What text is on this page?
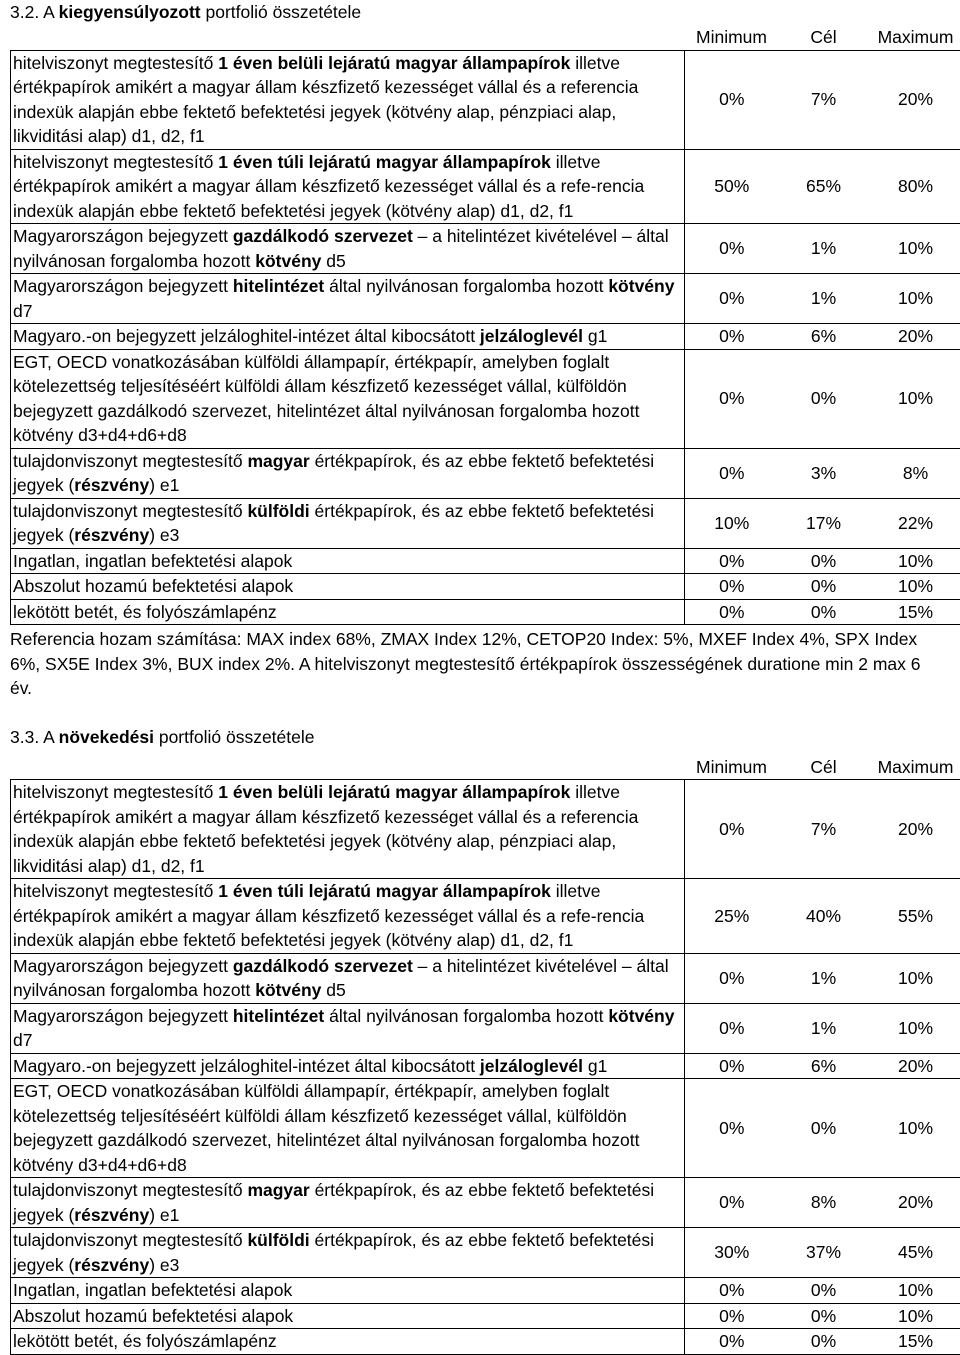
3.2. A kiegyensúlyozott portfolió összetétele

	Minimum	Cél	Maximum
hitelviszonyt megtestesítő 1 éven belüli lejáratú magyar állampapírok illetve értékpapírok amikért a magyar állam készfizető kezességet vállal és a referencia indexük alapján ebbe fektető befektetési jegyek (kötvény alap, pénzpiaci alap, likviditási alap) d1, d2, f1	0%	7%	20%
hitelviszonyt megtestesítő 1 éven túli lejáratú magyar állampapírok illetve értékpapírok amikért a magyar állam készfizető kezességet vállal és a refe-rencia indexük alapján ebbe fektető befektetési jegyek (kötvény alap) d1, d2, f1	50%	65%	80%
Magyarországon bejegyzett gazdálkodó szervezet – a hitelintézet kivételével – által nyilvánosan forgalomba hozott kötvény d5	0%	1%	10%
Magyarországon bejegyzett hitelintézet által nyilvánosan forgalomba hozott kötvény d7	0%	1%	10%
Magyaro.-on bejegyzett jelzáloghitel-intézet által kibocsátott jelzáloglevél g1	0%	6%	20%
EGT, OECD vonatkozásában külföldi állampapír, értékpapír, amelyben foglalt kötelezettség teljesítéséért külföldi állam készfizető kezességet vállal, külföldön bejegyzett gazdálkodó szervezet, hitelintézet által nyilvánosan forgalomba hozott kötvény d3+d4+d6+d8	0%	0%	10%
tulajdonviszonyt megtestesítő magyar értékpapírok, és az ebbe fektető befektetési jegyek (részvény) e1	0%	3%	8%
tulajdonviszonyt megtestesítő külföldi értékpapírok, és az ebbe fektető befektetési jegyek (részvény) e3	10%	17%	22%
Ingatlan, ingatlan befektetési alapok	0%	0%	10%
Abszolut hozamú befektetési alapok	0%	0%	10%
lekötött betét, és folyószámlapénz	0%	0%	15%

Referencia hozam számítása: MAX index 68%, ZMAX Index 12%, CETOP20 Index: 5%, MXEF Index 4%, SPX Index 6%, SX5E Index 3%, BUX index 2%. A hitelviszonyt megtestesítő értékpapírok összességének duratione min 2 max 6 év.

3.3. A növekedési portfolió összetétele

	Minimum	Cél	Maximum
hitelviszonyt megtestesítő 1 éven belüli lejáratú magyar állampapírok illetve értékpapírok amikért a magyar állam készfizető kezességet vállal és a referencia indexük alapján ebbe fektető befektetési jegyek (kötvény alap, pénzpiaci alap, likviditási alap) d1, d2, f1	0%	7%	20%
hitelviszonyt megtestesítő 1 éven túli lejáratú magyar állampapírok illetve értékpapírok amikért a magyar állam készfizető kezességet vállal és a refe-rencia indexük alapján ebbe fektető befektetési jegyek (kötvény alap) d1, d2, f1	25%	40%	55%
Magyarországon bejegyzett gazdálkodó szervezet – a hitelintézet kivételével – által nyilvánosan forgalomba hozott kötvény d5	0%	1%	10%
Magyarországon bejegyzett hitelintézet által nyilvánosan forgalomba hozott kötvény d7	0%	1%	10%
Magyaro.-on bejegyzett jelzáloghitel-intézet által kibocsátott jelzáloglevél g1	0%	6%	20%
EGT, OECD vonatkozásában külföldi állampapír, értékpapír, amelyben foglalt kötelezettség teljesítéséért külföldi állam készfizető kezességet vállal, külföldön bejegyzett gazdálkodó szervezet, hitelintézet által nyilvánosan forgalomba hozott kötvény d3+d4+d6+d8	0%	0%	10%
tulajdonviszonyt megtestesítő magyar értékpapírok, és az ebbe fektető befektetési jegyek (részvény) e1	0%	8%	20%
tulajdonviszonyt megtestesítő külföldi értékpapírok, és az ebbe fektető befektetési jegyek (részvény) e3	30%	37%	45%
Ingatlan, ingatlan befektetési alapok	0%	0%	10%
Abszolut hozamú befektetési alapok	0%	0%	10%
lekötött betét, és folyószámlapénz	0%	0%	15%
